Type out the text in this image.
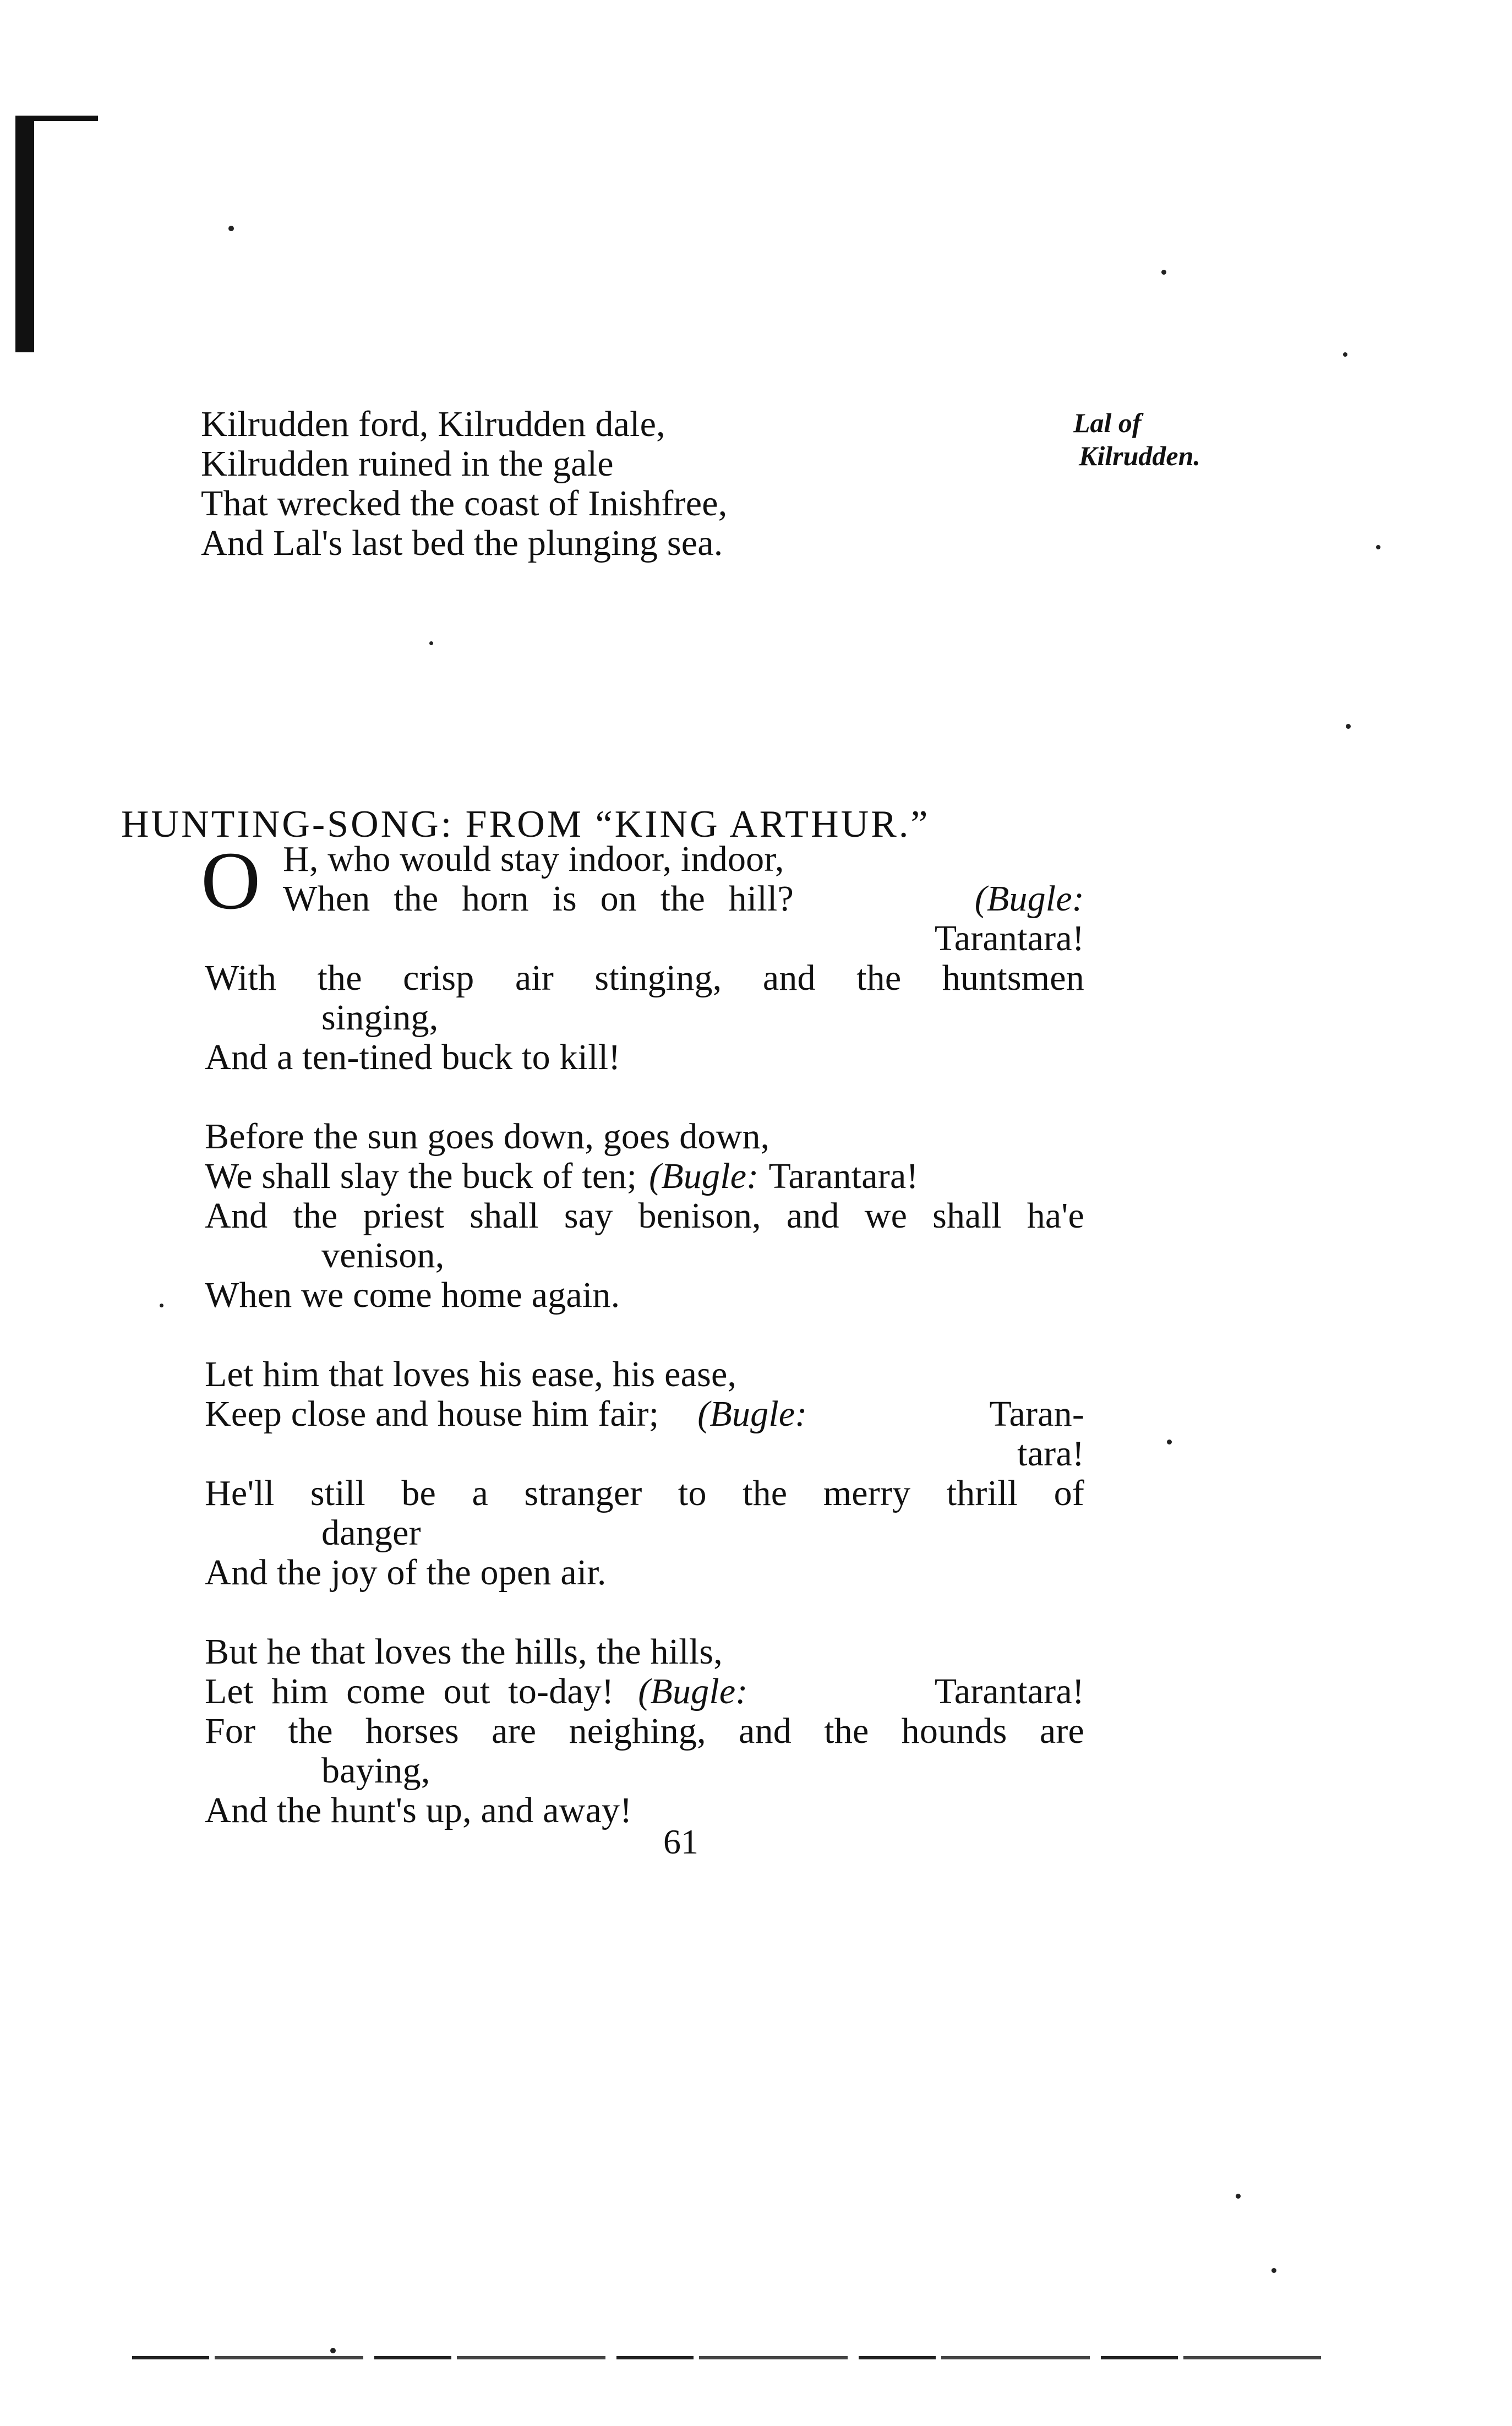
Kilrudden ford, Kilrudden dale,
Kilrudden ruined in the gale
That wrecked the coast of Inishfree,
And Lal's last bed the plunging sea.
Lal of
Kilrudden.
HUNTING-SONG: FROM “KING ARTHUR.”
O H, who would stay indoor, indoor,
When the horn is on the hill?	(Bugle:
Tarantara!
With the crisp air stinging, and the huntsmen
singing,
And a ten-tined buck to kill!
Before the sun goes down, goes down,
We shall slay the buck of ten; (Bugle: Tarantara!
And the priest shall say benison, and we shall ha'e
venison,
When we come home again.
Let him that loves his ease, his ease,
Keep close and house him fair; (Bugle:	Taran-
tara!
He'll still be a stranger to the merry thrill of
danger
And the joy of the open air.
But he that loves the hills, the hills,
Let him come out to-day! (Bugle:	Tarantara!
For the horses are neighing, and the hounds are
baying,
And the hunt's up, and away!
61
